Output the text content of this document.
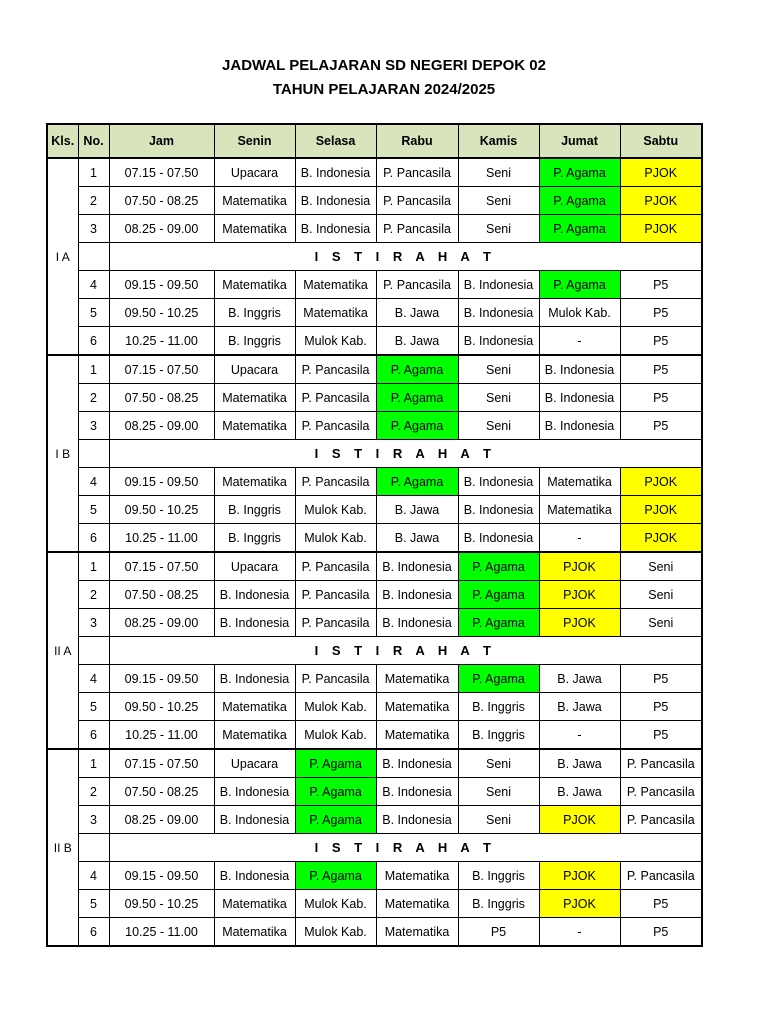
JADWAL PELAJARAN SD NEGERI DEPOK 02
TAHUN PELAJARAN 2024/2025
Kls.	No.	Jam	Senin	Selasa	Rabu	Kamis	Jumat	Sabtu
I A	1	07.15 - 07.50	Upacara	B. Indonesia	P. Pancasila	Seni	P. Agama	PJOK
	2	07.50 - 08.25	Matematika	B. Indonesia	P. Pancasila	Seni	P. Agama	PJOK
	3	08.25 - 09.00	Matematika	B. Indonesia	P. Pancasila	Seni	P. Agama	PJOK
		I S T I R A H A T						
	4	09.15 - 09.50	Matematika	Matematika	P. Pancasila	B. Indonesia	P. Agama	P5
	5	09.50 - 10.25	B. Inggris	Matematika	B. Jawa	B. Indonesia	Mulok Kab.	P5
	6	10.25 - 11.00	B. Inggris	Mulok Kab.	B. Jawa	B. Indonesia	-	P5
I B	1	07.15 - 07.50	Upacara	P. Pancasila	P. Agama	Seni	B. Indonesia	P5
	2	07.50 - 08.25	Matematika	P. Pancasila	P. Agama	Seni	B. Indonesia	P5
	3	08.25 - 09.00	Matematika	P. Pancasila	P. Agama	Seni	B. Indonesia	P5
		I S T I R A H A T						
	4	09.15 - 09.50	Matematika	P. Pancasila	P. Agama	B. Indonesia	Matematika	PJOK
	5	09.50 - 10.25	B. Inggris	Mulok Kab.	B. Jawa	B. Indonesia	Matematika	PJOK
	6	10.25 - 11.00	B. Inggris	Mulok Kab.	B. Jawa	B. Indonesia	-	PJOK
II A	1	07.15 - 07.50	Upacara	P. Pancasila	B. Indonesia	P. Agama	PJOK	Seni
	2	07.50 - 08.25	B. Indonesia	P. Pancasila	B. Indonesia	P. Agama	PJOK	Seni
	3	08.25 - 09.00	B. Indonesia	P. Pancasila	B. Indonesia	P. Agama	PJOK	Seni
		I S T I R A H A T						
	4	09.15 - 09.50	B. Indonesia	P. Pancasila	Matematika	P. Agama	B. Jawa	P5
	5	09.50 - 10.25	Matematika	Mulok Kab.	Matematika	B. Inggris	B. Jawa	P5
	6	10.25 - 11.00	Matematika	Mulok Kab.	Matematika	B. Inggris	-	P5
II B	1	07.15 - 07.50	Upacara	P. Agama	B. Indonesia	Seni	B. Jawa	P. Pancasila
	2	07.50 - 08.25	B. Indonesia	P. Agama	B. Indonesia	Seni	B. Jawa	P. Pancasila
	3	08.25 - 09.00	B. Indonesia	P. Agama	B. Indonesia	Seni	PJOK	P. Pancasila
		I S T I R A H A T						
	4	09.15 - 09.50	B. Indonesia	P. Agama	Matematika	B. Inggris	PJOK	P. Pancasila
	5	09.50 - 10.25	Matematika	Mulok Kab.	Matematika	B. Inggris	PJOK	P5
	6	10.25 - 11.00	Matematika	Mulok Kab.	Matematika	P5	-	P5
